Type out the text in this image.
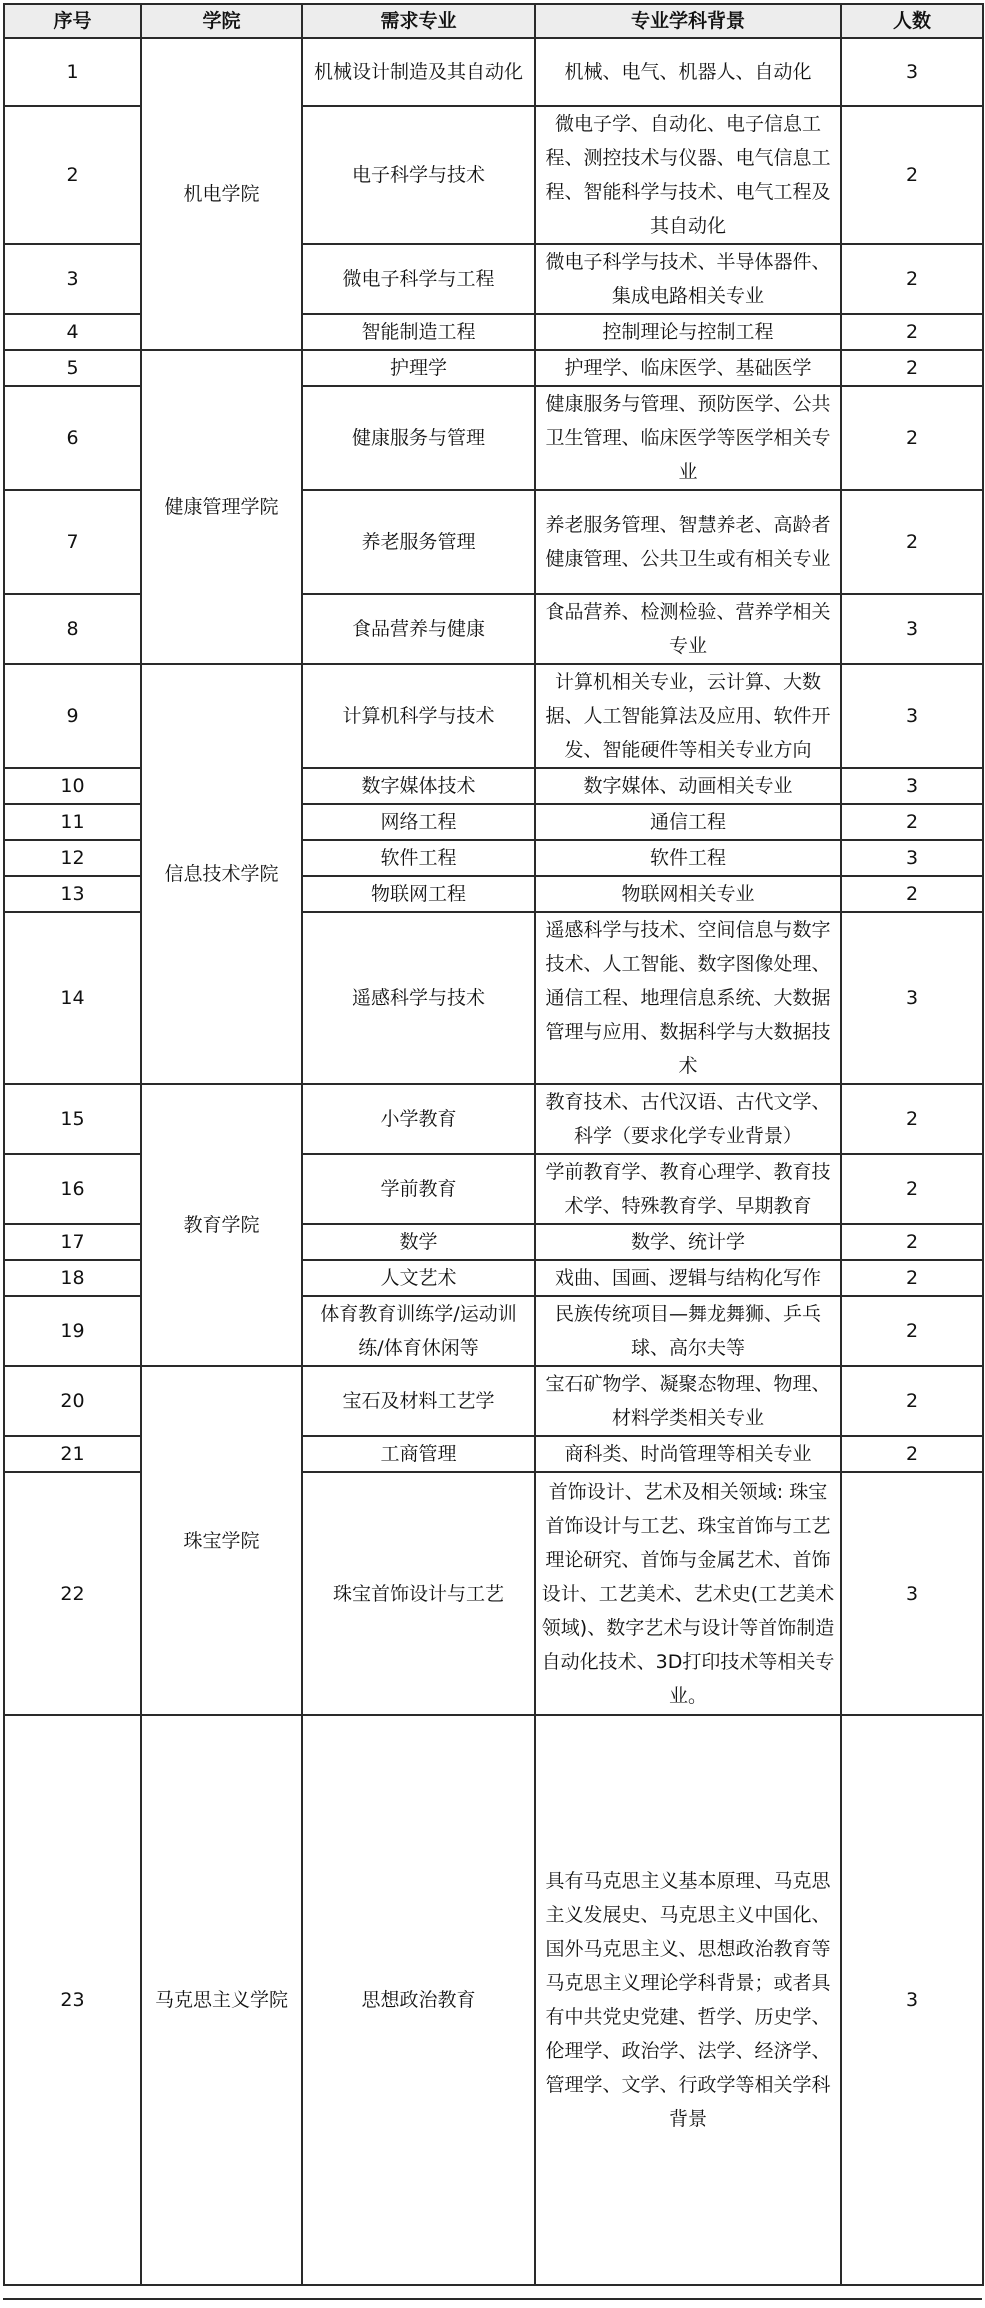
序号	学院	需求专业	专业学科背景	人数
1	机电学院	机械设计制造及其自动化	机械、电气、机器人、自动化	3
2		电子科学与技术	微电子学、自动化、电子信息工程、测控技术与仪器、电气信息工程、智能科学与技术、电气工程及其自动化	2
3		微电子科学与工程	微电子科学与技术、半导体器件、集成电路相关专业	2
4		智能制造工程	控制理论与控制工程	2
5	健康管理学院	护理学	护理学、临床医学、基础医学	2
6		健康服务与管理	健康服务与管理、预防医学、公共卫生管理、临床医学等医学相关专业	2
7		养老服务管理	养老服务管理、智慧养老、高龄者健康管理、公共卫生或有相关专业	2
8		食品营养与健康	食品营养、检测检验、营养学相关专业	3
9	信息技术学院	计算机科学与技术	计算机相关专业，云计算、大数据、人工智能算法及应用、软件开发、智能硬件等相关专业方向	3
10		数字媒体技术	数字媒体、动画相关专业	3
11		网络工程	通信工程	2
12		软件工程	软件工程	3
13		物联网工程	物联网相关专业	2
14		遥感科学与技术	遥感科学与技术、空间信息与数字技术、人工智能、数字图像处理、通信工程、地理信息系统、大数据管理与应用、数据科学与大数据技术	3
15	教育学院	小学教育	教育技术、古代汉语、古代文学、科学（要求化学专业背景）	2
16		学前教育	学前教育学、教育心理学、教育技术学、特殊教育学、早期教育	2
17		数学	数学、统计学	2
18		人文艺术	戏曲、国画、逻辑与结构化写作	2
19		体育教育训练学/运动训练/体育休闲等	民族传统项目—舞龙舞狮、乒乓球、高尔夫等	2
20	珠宝学院	宝石及材料工艺学	宝石矿物学、凝聚态物理、物理、材料学类相关专业	2
21		工商管理	商科类、时尚管理等相关专业	2
22		珠宝首饰设计与工艺	首饰设计、艺术及相关领域: 珠宝首饰设计与工艺、珠宝首饰与工艺理论研究、首饰与金属艺术、首饰设计、工艺美术、艺术史(工艺美术领域)、数字艺术与设计等首饰制造自动化技术、3D打印技术等相关专业。	3
23	马克思主义学院	思想政治教育	具有马克思主义基本原理、马克思主义发展史、马克思主义中国化、国外马克思主义、思想政治教育等马克思主义理论学科背景；或者具有中共党史党建、哲学、历史学、伦理学、政治学、法学、经济学、管理学、文学、行政学等相关学科背景	3
